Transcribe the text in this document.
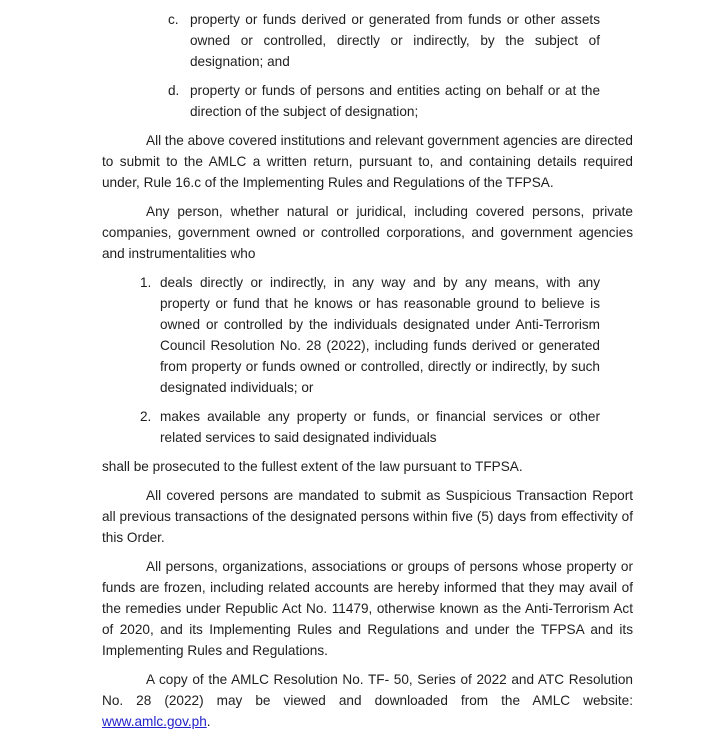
c. property or funds derived or generated from funds or other assets owned or controlled, directly or indirectly, by the subject of designation; and
d. property or funds of persons and entities acting on behalf or at the direction of the subject of designation;

All the above covered institutions and relevant government agencies are directed to submit to the AMLC a written return, pursuant to, and containing details required under, Rule 16.c of the Implementing Rules and Regulations of the TFPSA.

Any person, whether natural or juridical, including covered persons, private companies, government owned or controlled corporations, and government agencies and instrumentalities who

1. deals directly or indirectly, in any way and by any means, with any property or fund that he knows or has reasonable ground to believe is owned or controlled by the individuals designated under Anti-Terrorism Council Resolution No. 28 (2022), including funds derived or generated from property or funds owned or controlled, directly or indirectly, by such designated individuals; or
2. makes available any property or funds, or financial services or other related services to said designated individuals

shall be prosecuted to the fullest extent of the law pursuant to TFPSA.

All covered persons are mandated to submit as Suspicious Transaction Report all previous transactions of the designated persons within five (5) days from effectivity of this Order.

All persons, organizations, associations or groups of persons whose property or funds are frozen, including related accounts are hereby informed that they may avail of the remedies under Republic Act No. 11479, otherwise known as the Anti-Terrorism Act of 2020, and its Implementing Rules and Regulations and under the TFPSA and its Implementing Rules and Regulations.

A copy of the AMLC Resolution No. TF- 50, Series of 2022 and ATC Resolution No. 28 (2022) may be viewed and downloaded from the AMLC website: www.amlc.gov.ph.
